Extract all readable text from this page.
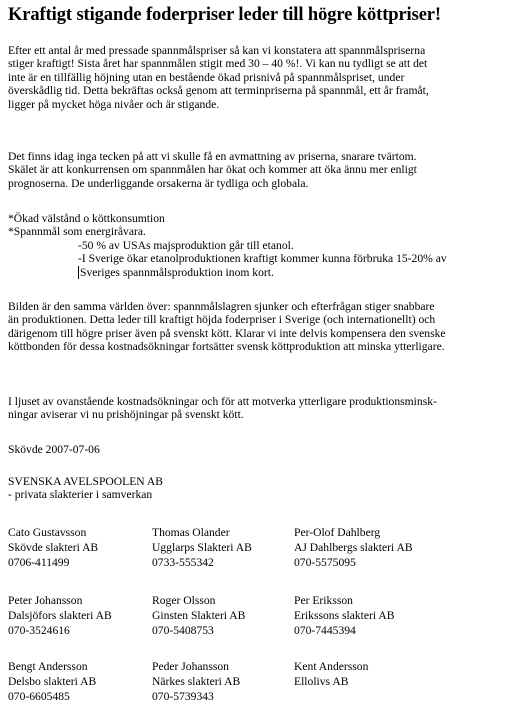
Kraftigt stigande foderpriser leder till högre köttpriser!

Efter ett antal år med pressade spannmålspriser så kan vi konstatera att spannmålspriserna

stiger kraftigt! Sista året har spannmålen stigit med 30 – 40 %!. Vi kan nu tydligt se att det

inte är en tillfällig höjning utan en bestående ökad prisnivå på spannmålspriset, under

överskådlig tid. Detta bekräftas också genom att terminpriserna på spannmål, ett år framåt,

ligger på mycket höga nivåer och är stigande.

Det finns idag inga tecken på att vi skulle få en avmattning av priserna, snarare tvärtom.

Skälet är att konkurrensen om spannmålen har ökat och kommer att öka ännu mer enligt

prognoserna. De underliggande orsakerna är tydliga och globala.

*Ökad välstånd o köttkonsumtion

*Spannmål som energiråvara.

-50 % av USAs majsproduktion går till etanol.

-I Sverige ökar etanolproduktionen kraftigt kommer kunna förbruka 15-20% av

Sveriges spannmålsproduktion inom kort.

Bilden är den samma världen över: spannmålslagren sjunker och efterfrågan stiger snabbare

än produktionen. Detta leder till kraftigt höjda foderpriser i Sverige (och internationellt) och

därigenom till högre priser även på svenskt kött. Klarar vi inte delvis kompensera den svenske

köttbonden för dessa kostnadsökningar fortsätter svensk köttproduktion att minska ytterligare.

I ljuset av ovanstående kostnadsökningar och för att motverka ytterligare produktionsminsk-

ningar aviserar vi nu prishöjningar på svenskt kött.

Skövde 2007-07-06

SVENSKA AVELSPOOLEN AB

- privata slakterier i samverkan

Cato Gustavsson

Skövde slakteri AB

0706-411499

Thomas Olander

Ugglarps Slakteri AB

0733-555342

Per-Olof Dahlberg

AJ Dahlbergs slakteri AB

070-5575095

Peter Johansson

Dalsjöfors slakteri AB

070-3524616

Roger Olsson

Ginsten Slakteri AB

070-5408753

Per Eriksson

Erikssons slakteri AB

070-7445394

Bengt Andersson

Delsbo slakteri AB

070-6605485

Peder Johansson

Närkes slakteri AB

070-5739343

Kent Andersson

Ellolivs AB
